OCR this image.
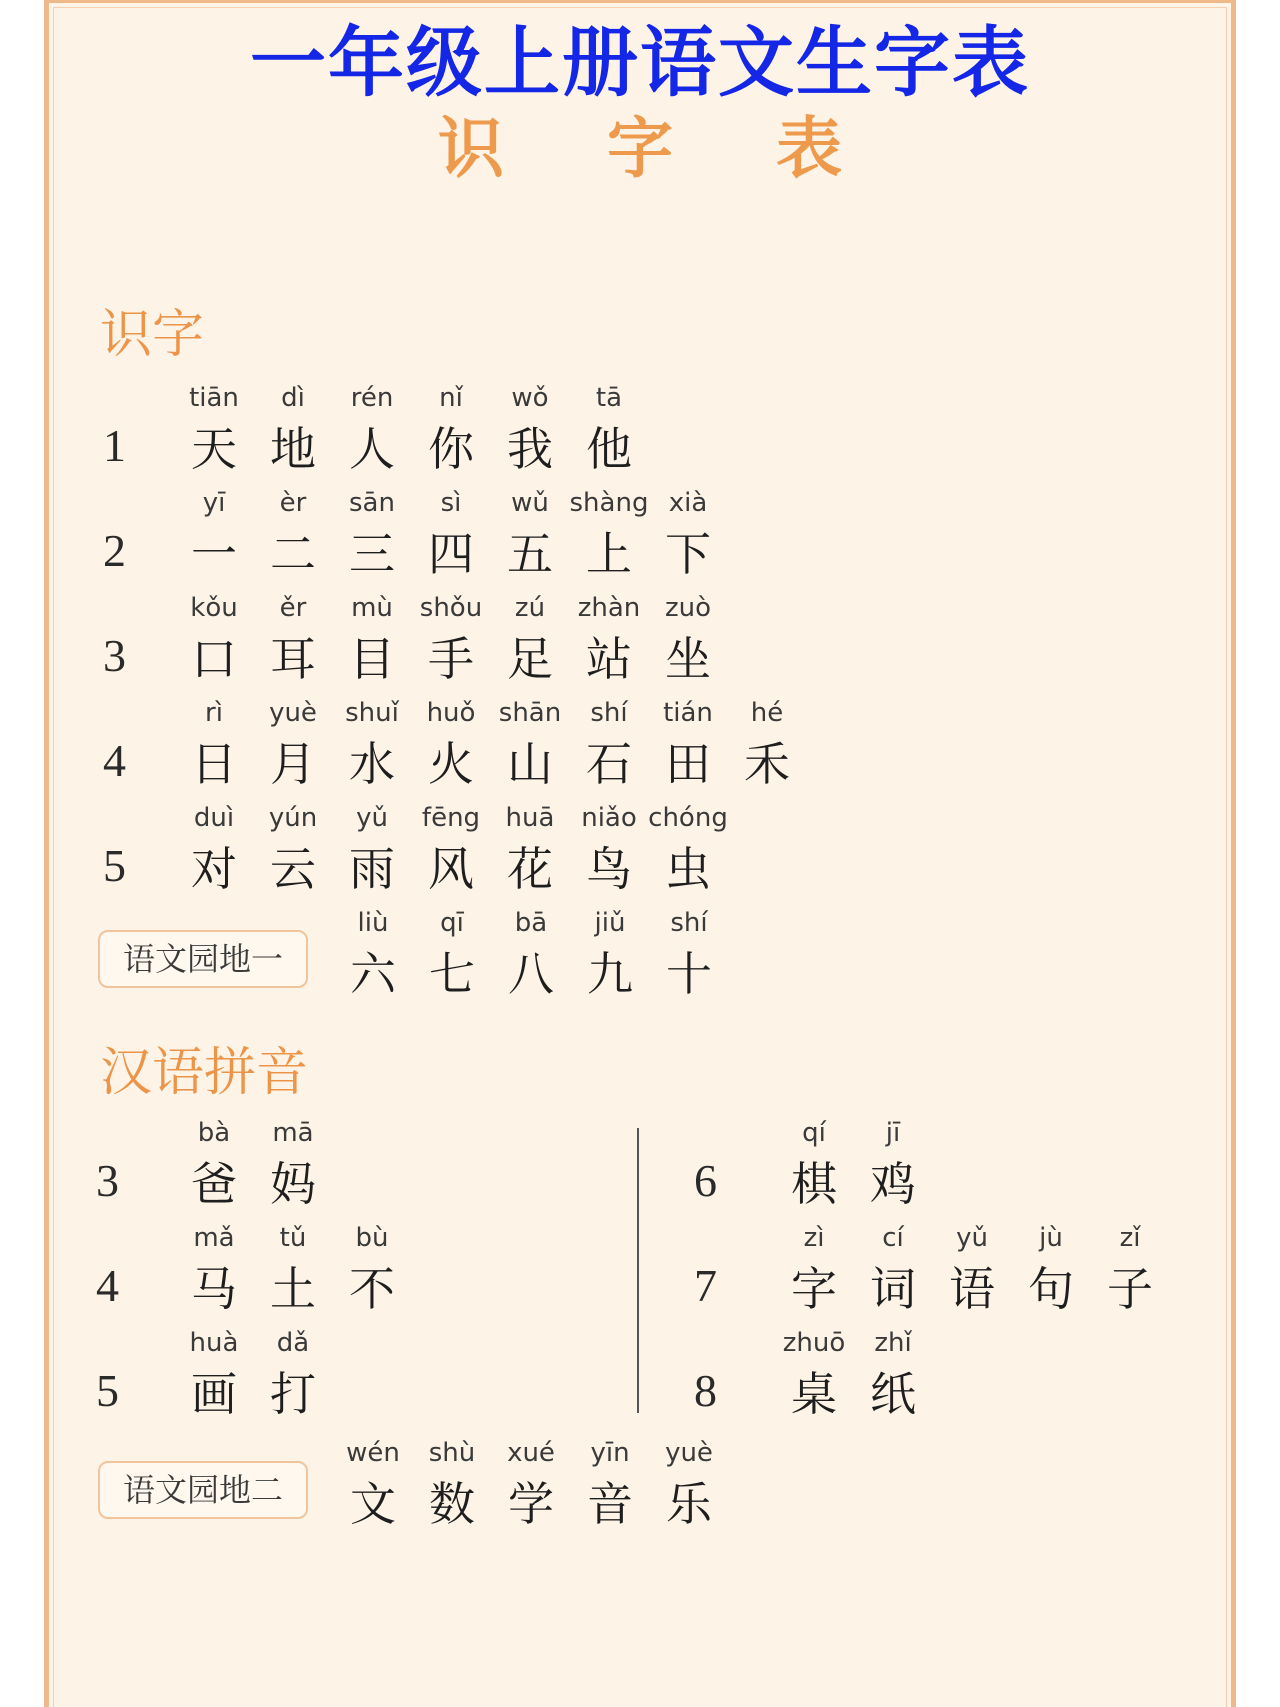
一年级上册语文生字表
识 字 表
识字
1
tiān
天
dì
地
rén
人
nǐ
你
wǒ
我
tā
他
2
yī
一
èr
二
sān
三
sì
四
wǔ
五
shàng
上
xià
下
3
kǒu
口
ěr
耳
mù
目
shǒu
手
zú
足
zhàn
站
zuò
坐
4
rì
日
yuè
月
shuǐ
水
huǒ
火
shān
山
shí
石
tián
田
hé
禾
5
duì
对
yún
云
yǔ
雨
fēng
风
huā
花
niǎo
鸟
chóng
虫
语文园地一
liù
六
qī
七
bā
八
jiǔ
九
shí
十
汉语拼音
3
bà
爸
mā
妈
4
mǎ
马
tǔ
土
bù
不
5
huà
画
dǎ
打
6
qí
棋
jī
鸡
7
zì
字
cí
词
yǔ
语
jù
句
zǐ
子
8
zhuō
桌
zhǐ
纸
语文园地二
wén
文
shù
数
xué
学
yīn
音
yuè
乐
